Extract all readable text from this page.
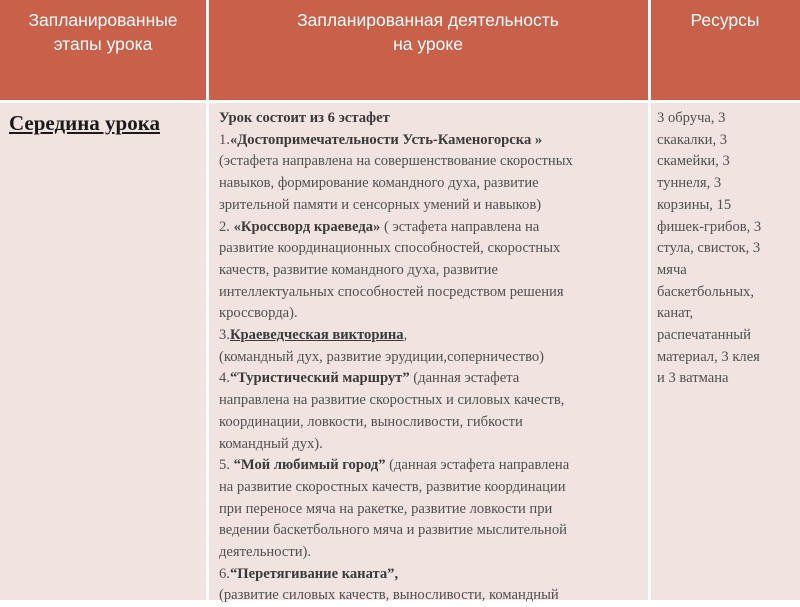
Запланированные
этапы урока
Запланированная деятельность
на уроке
Ресурсы
Середина урока	Урок состоит из 6 эстафет
1.«Достопримечательности Усть-Каменогорска »
(эстафета направлена на совершенствование скоростных
навыков, формирование командного духа, развитие
зрительной памяти и сенсорных умений и навыков)
2. «Кроссворд краеведа» ( эстафета направлена на
развитие координационных способностей, скоростных
качеств, развитие командного духа, развитие
интеллектуальных способностей посредством решения
кроссворда).
3.Краеведческая викторина,
(командный дух, развитие эрудиции,соперничество)
4.“Туристический маршрут” (данная эстафета
направлена на развитие скоростных и силовых качеств,
координации, ловкости, выносливости, гибкости
командный дух).
5. “Мой любимый город” (данная эстафета направлена
на развитие скоростных качеств, развитие координации
при переносе мяча на ракетке, развитие ловкости при
ведении баскетбольного мяча и развитие мыслительной
деятельности).
6.“Перетягивание каната”,
(развитие силовых качеств, выносливости, командный
3 обруча, 3
скакалки, 3
скамейки, 3
туннеля, 3
корзины, 15
фишек-грибов, 3
стула, свисток, 3
мяча
баскетбольных,
канат,
распечатанный
материал, 3 клея
и 3 ватмана
